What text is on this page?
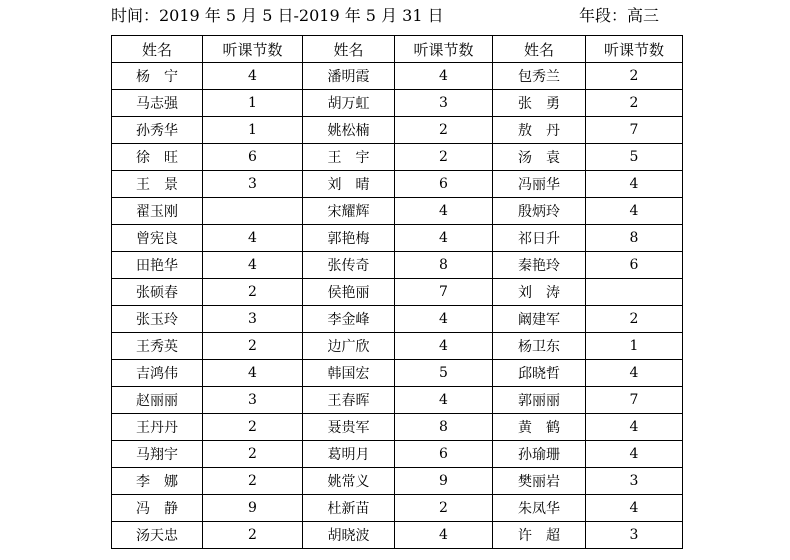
时间：2019 年 5 月 5 日-2019 年 5 月 31 日	年段：高三
姓名	听课节数	姓名	听课节数	姓名	听课节数
杨　宁	4	潘明霞	4	包秀兰	2
马志强	1	胡万虹	3	张　勇	2
孙秀华	1	姚松楠	2	敖　丹	7
徐　旺	6	王　宇	2	汤　袁	5
王　景	3	刘　晴	6	冯丽华	4
翟玉刚		宋耀辉	4	殷炳玲	4
曾宪良	4	郭艳梅	4	祁日升	8
田艳华	4	张传奇	8	秦艳玲	6
张硕春	2	侯艳丽	7	刘　涛	
张玉玲	3	李金峰	4	阚建军	2
王秀英	2	边广欣	4	杨卫东	1
吉鸿伟	4	韩国宏	5	邱晓哲	4
赵丽丽	3	王春晖	4	郭丽丽	7
王丹丹	2	聂贵军	8	黄　鹤	4
马翔宇	2	葛明月	6	孙瑜珊	4
李　娜	2	姚常义	9	樊丽岩	3
冯　静	9	杜新苗	2	朱凤华	4
汤天忠	2	胡晓波	4	许　超	3
